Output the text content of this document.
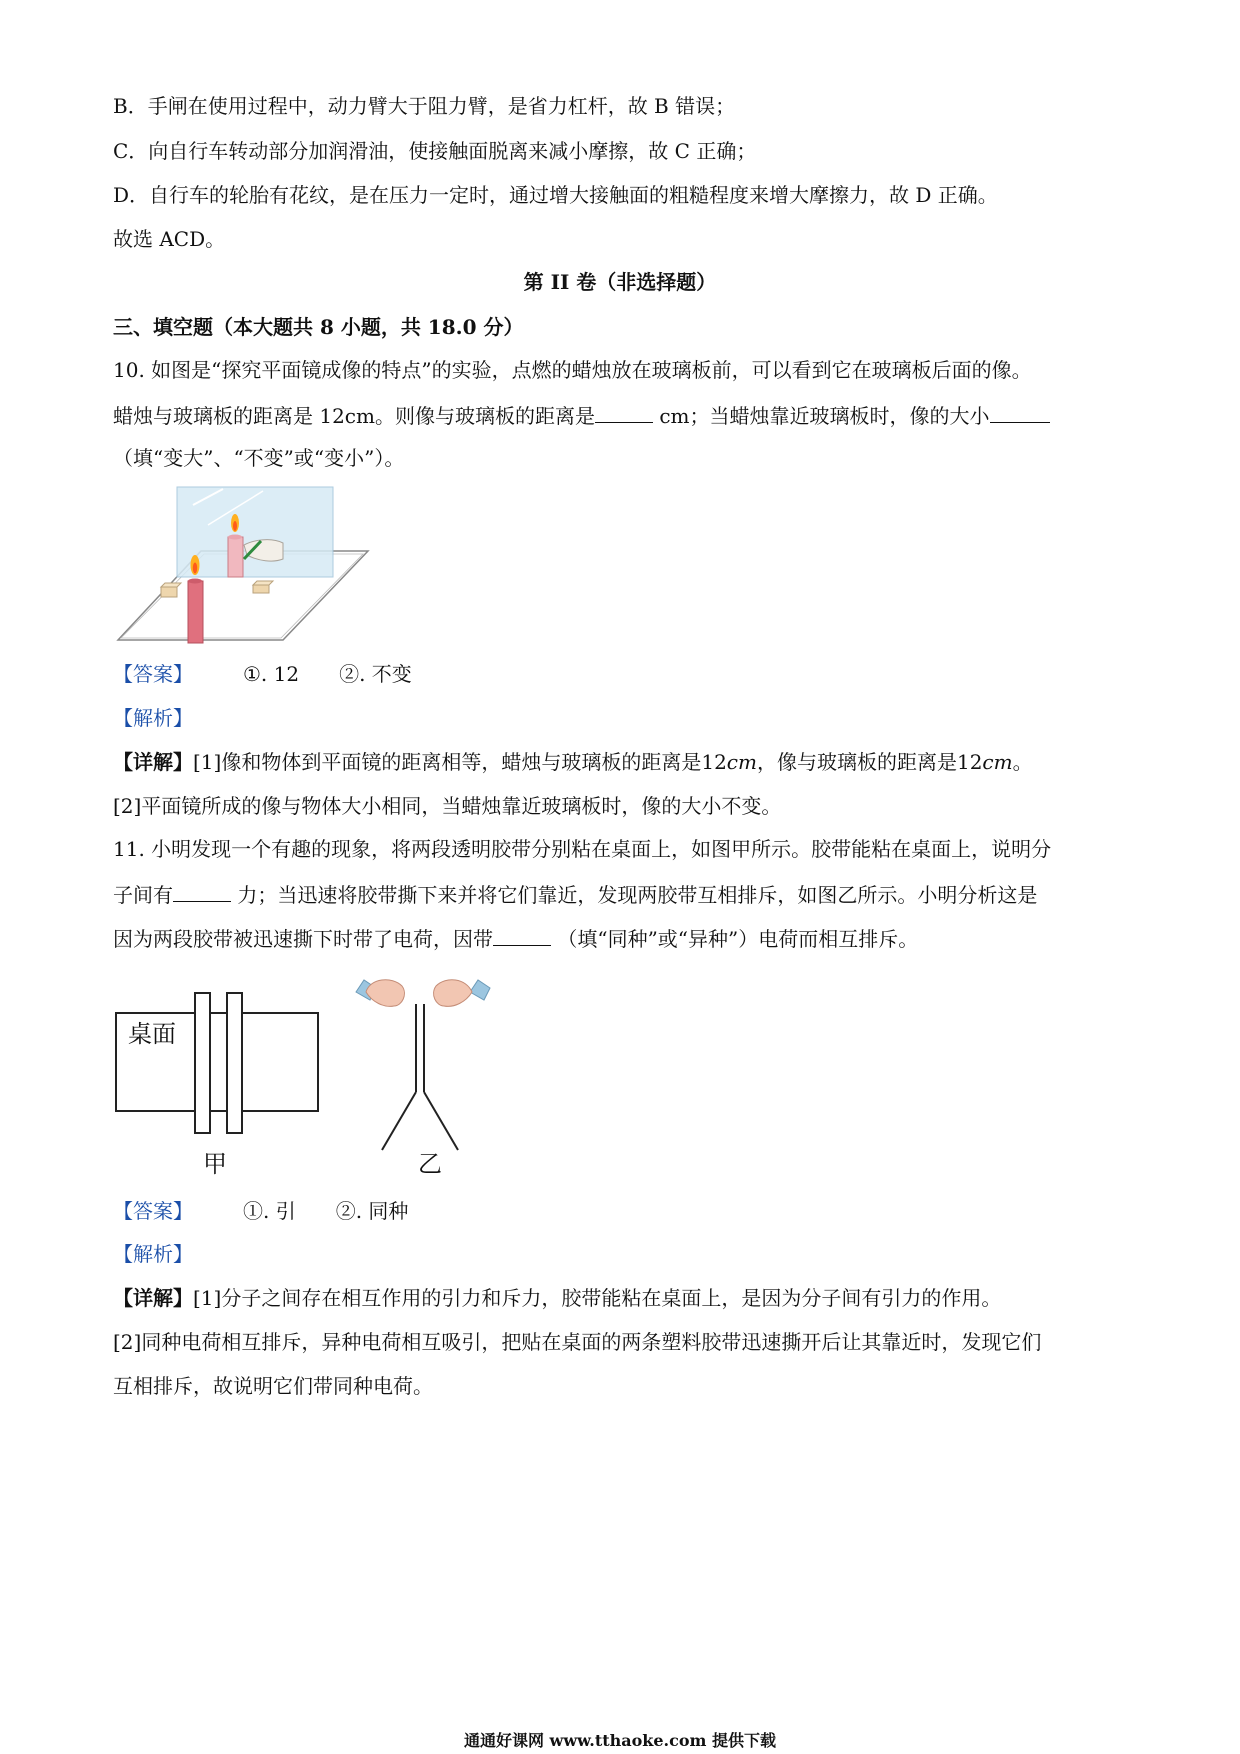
B．手闸在使用过程中，动力臂大于阻力臂，是省力杠杆，故 B 错误；
C．向自行车转动部分加润滑油，使接触面脱离来减小摩擦，故 C 正确；
D．自行车的轮胎有花纹，是在压力一定时，通过增大接触面的粗糙程度来增大摩擦力，故 D 正确。
故选 ACD。
第 II 卷（非选择题）
三、填空题（本大题共 8 小题，共 18.0 分）
10. 如图是“探究平面镜成像的特点”的实验，点燃的蜡烛放在玻璃板前，可以看到它在玻璃板后面的像。
蜡烛与玻璃板的距离是 12cm。则像与玻璃板的距离是	cm；当蜡烛靠近玻璃板时，像的大小
（填“变大”、“不变”或“变小”）。
【答案】	①. 12 ②. 不变
【解析】
【详解】[1]像和物体到平面镜的距离相等，蜡烛与玻璃板的距离是12cm，像与玻璃板的距离是12cm。
[2]平面镜所成的像与物体大小相同，当蜡烛靠近玻璃板时，像的大小不变。
11. 小明发现一个有趣的现象，将两段透明胶带分别粘在桌面上，如图甲所示。胶带能粘在桌面上，说明分
子间有	力；当迅速将胶带撕下来并将它们靠近，发现两胶带互相排斥，如图乙所示。小明分析这是
因为两段胶带被迅速撕下时带了电荷，因带	（填“同种”或“异种”）电荷而相互排斥。
桌面
甲	乙
【答案】	①. 引 ②. 同种
【解析】
【详解】[1]分子之间存在相互作用的引力和斥力，胶带能粘在桌面上，是因为分子间有引力的作用。
[2]同种电荷相互排斥，异种电荷相互吸引，把贴在桌面的两条塑料胶带迅速撕开后让其靠近时，发现它们
互相排斥，故说明它们带同种电荷。
通通好课网 www.tthaoke.com 提供下载
